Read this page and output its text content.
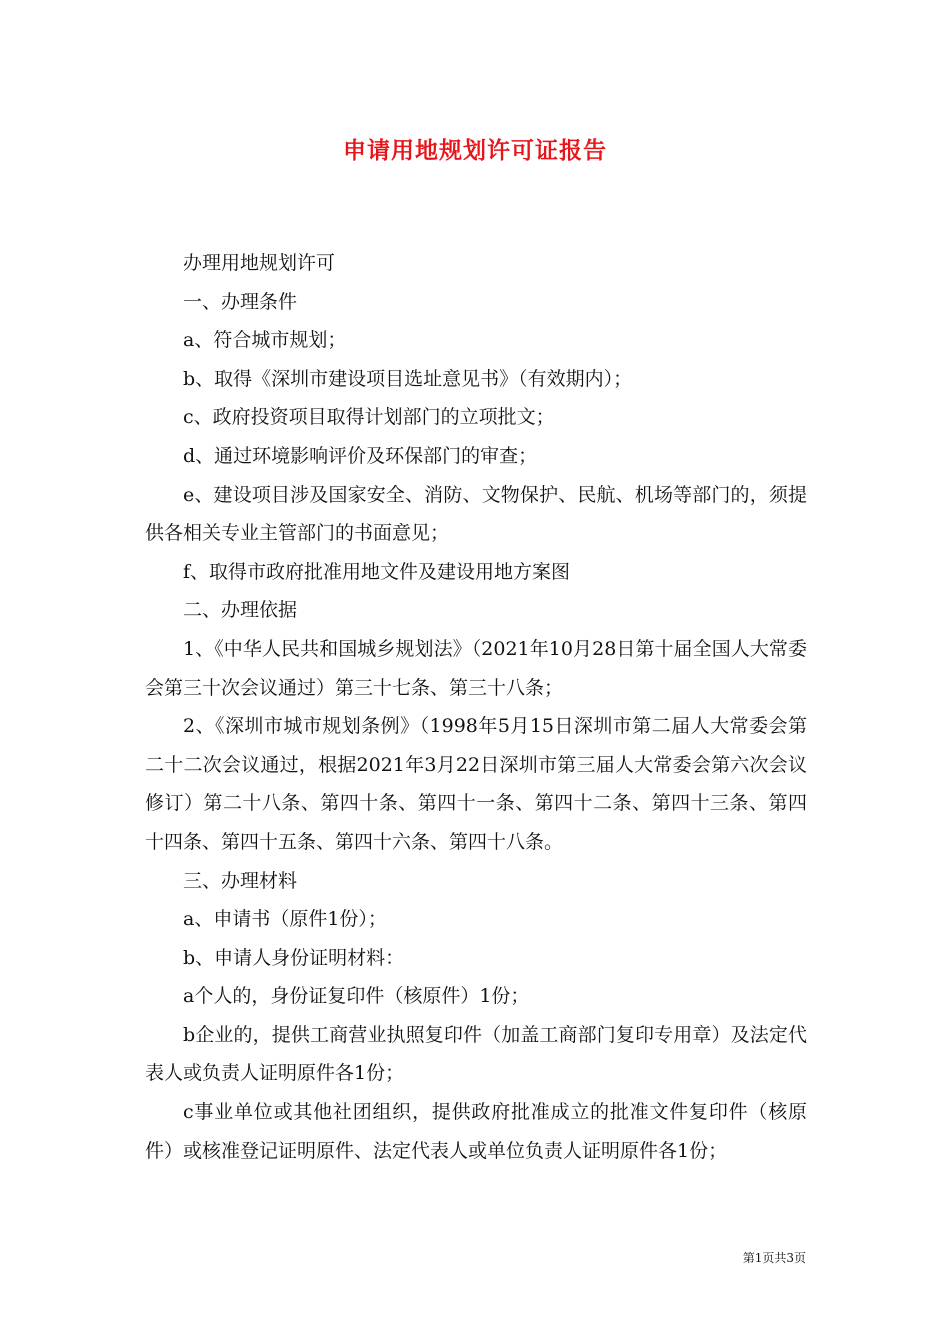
申请用地规划许可证报告

办理用地规划许可

一、办理条件

a、符合城市规划；

b、取得《深圳市建设项目选址意见书》（有效期内）；

c、政府投资项目取得计划部门的立项批文；

d、通过环境影响评价及环保部门的审查；

e、建设项目涉及国家安全、消防、文物保护、民航、机场等部门的，须提供各相关专业主管部门的书面意见；

f、取得市政府批准用地文件及建设用地方案图

二、办理依据

1、《中华人民共和国城乡规划法》（2021年10月28日第十届全国人大常委会第三十次会议通过）第三十七条、第三十八条；

2、《深圳市城市规划条例》（1998年5月15日深圳市第二届人大常委会第二十二次会议通过，根据2021年3月22日深圳市第三届人大常委会第六次会议修订）第二十八条、第四十条、第四十一条、第四十二条、第四十三条、第四十四条、第四十五条、第四十六条、第四十八条。

三、办理材料

a、申请书（原件1份）；

b、申请人身份证明材料：

a个人的，身份证复印件（核原件）1份；

b企业的，提供工商营业执照复印件（加盖工商部门复印专用章）及法定代表人或负责人证明原件各1份；

c事业单位或其他社团组织，提供政府批准成立的批准文件复印件（核原件）或核准登记证明原件、法定代表人或单位负责人证明原件各1份；

第1页共3页
